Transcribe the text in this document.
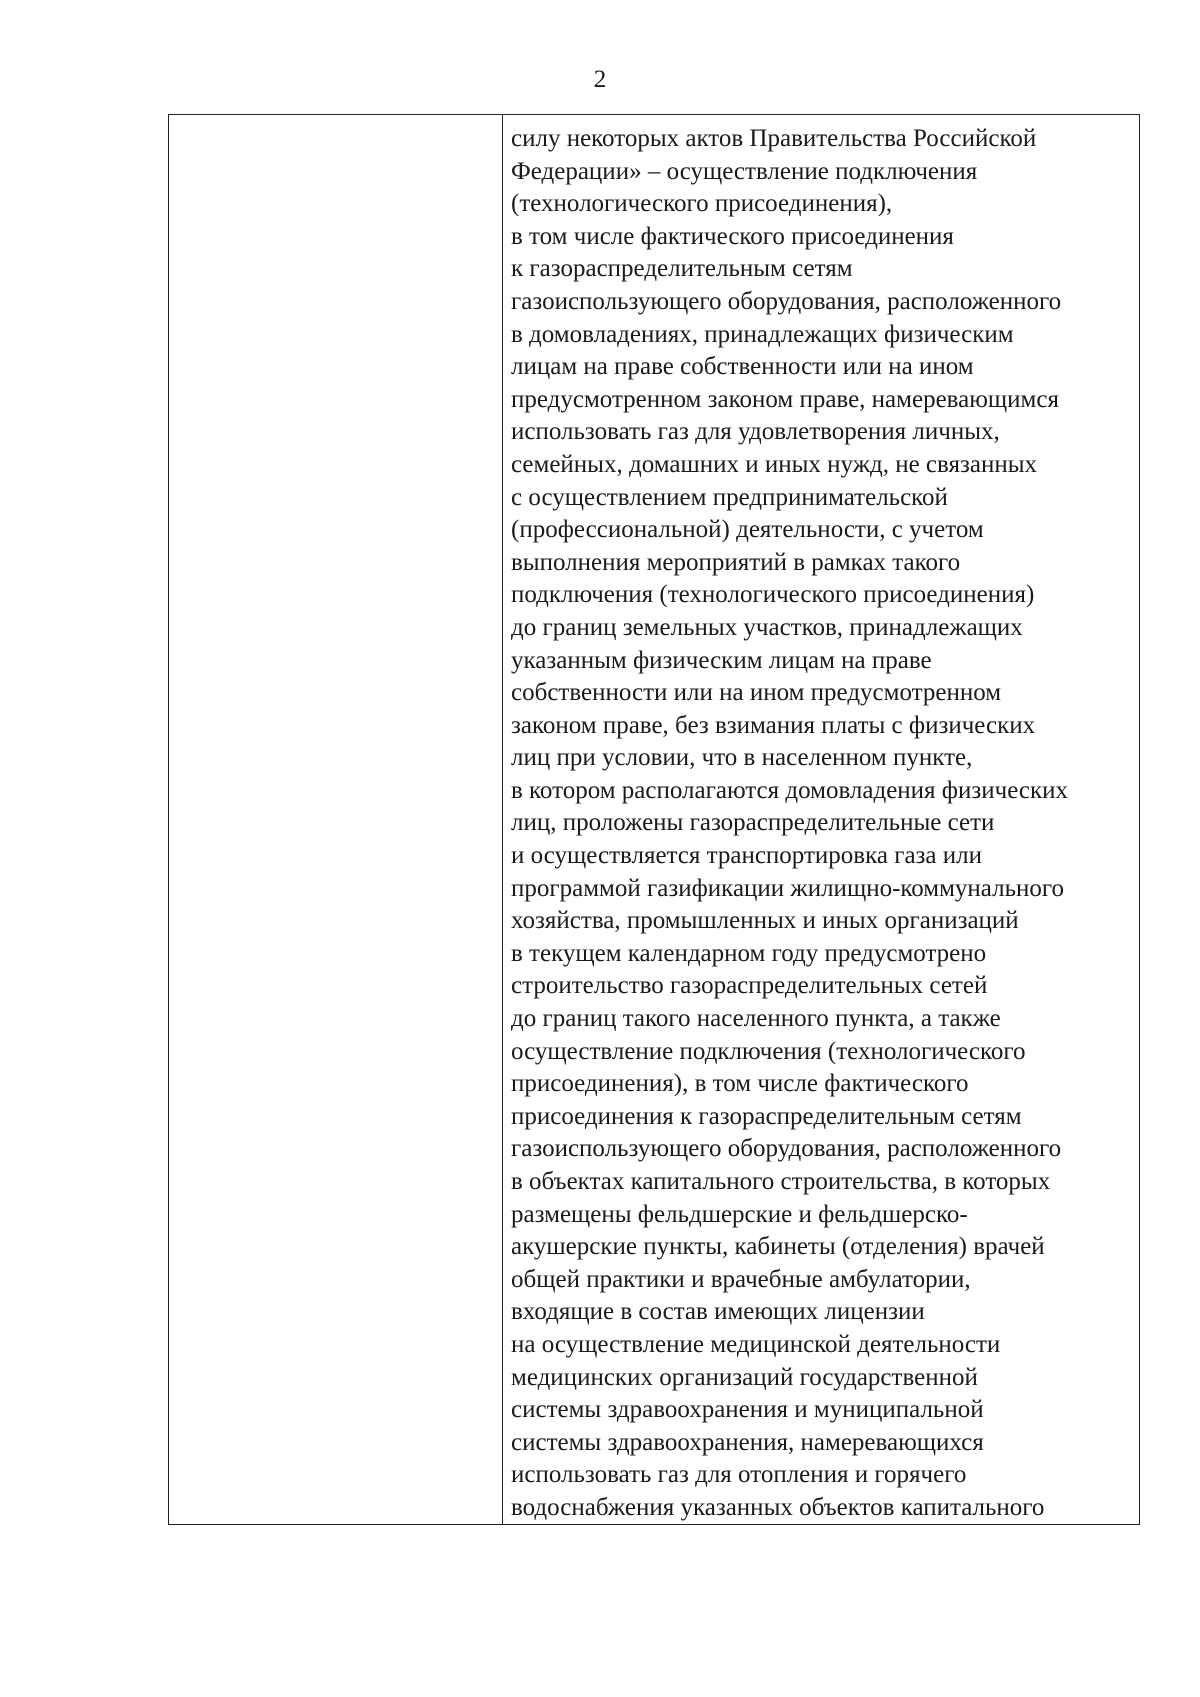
2
силу некоторых актов Правительства Российской
Федерации» – осуществление подключения
(технологического присоединения),
в том числе фактического присоединения
к газораспределительным сетям
газоиспользующего оборудования, расположенного
в домовладениях, принадлежащих физическим
лицам на праве собственности или на ином
предусмотренном законом праве, намеревающимся
использовать газ для удовлетворения личных,
семейных, домашних и иных нужд, не связанных
с осуществлением предпринимательской
(профессиональной) деятельности, с учетом
выполнения мероприятий в рамках такого
подключения (технологического присоединения)
до границ земельных участков, принадлежащих
указанным физическим лицам на праве
собственности или на ином предусмотренном
законом праве, без взимания платы с физических
лиц при условии, что в населенном пункте,
в котором располагаются домовладения физических
лиц, проложены газораспределительные сети
и осуществляется транспортировка газа или
программой газификации жилищно-коммунального
хозяйства, промышленных и иных организаций
в текущем календарном году предусмотрено
строительство газораспределительных сетей
до границ такого населенного пункта, а также
осуществление подключения (технологического
присоединения), в том числе фактического
присоединения к газораспределительным сетям
газоиспользующего оборудования, расположенного
в объектах капитального строительства, в которых
размещены фельдшерские и фельдшерско-
акушерские пункты, кабинеты (отделения) врачей
общей практики и врачебные амбулатории,
входящие в состав имеющих лицензии
на осуществление медицинской деятельности
медицинских организаций государственной
системы здравоохранения и муниципальной
системы здравоохранения, намеревающихся
использовать газ для отопления и горячего
водоснабжения указанных объектов капитального
